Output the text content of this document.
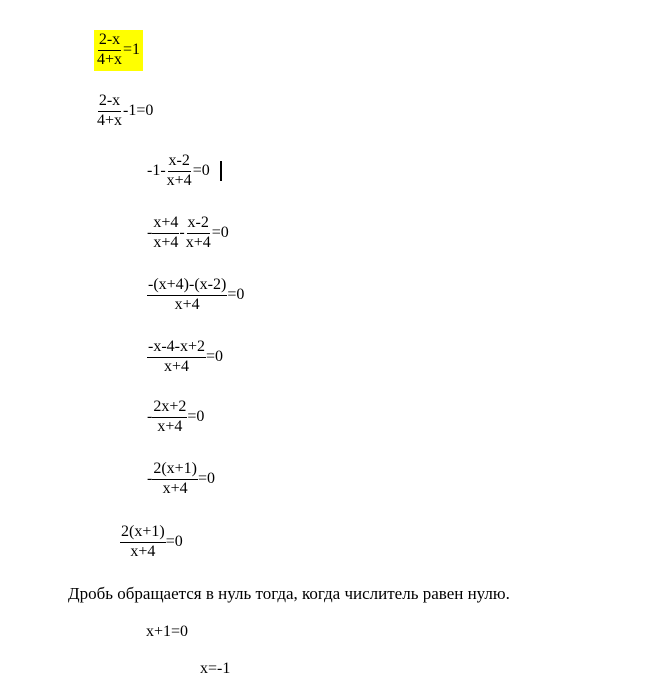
$\frac{2-x}{4+x} =1$
$\frac{2-x}{4+x} -1=0$
$-1- \frac{x-2}{x+4} =0$
- $\frac{x+4}{x+4} - \frac{x-2}{x+4} =0$
$\frac{-(x+4)-(x-2)}{x+4} =0$
$\frac{-x-4-x+2}{x+4} =0$
- $\frac{2x+2}{x+4} =0$
- $\frac{2(x+1)}{x+4} =0$
$\frac{2(x+1)}{x+4} =0$
Дробь обращается в нуль тогда, когда числитель равен нулю.
x+1=0
x=-1
